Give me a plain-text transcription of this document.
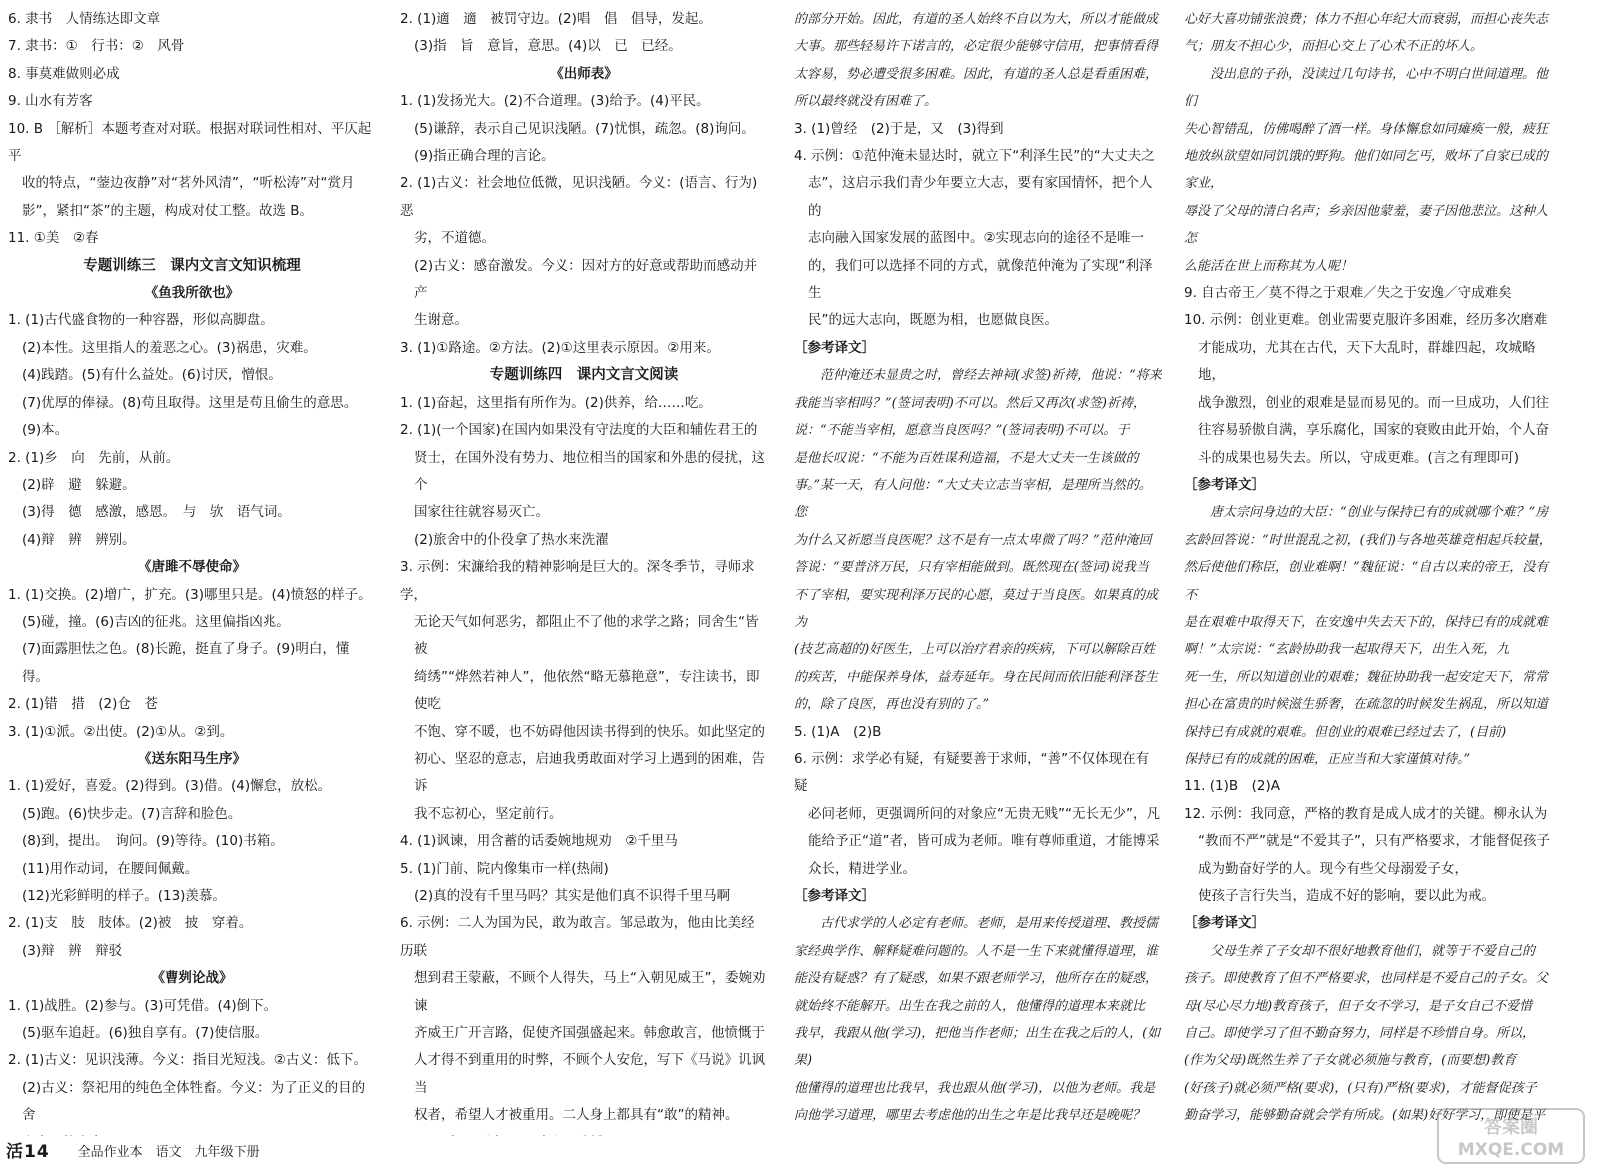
6. 隶书　人情练达即文章
7. 隶书：①　行书：②　风骨
8. 事莫难做则必成
9. 山水有芳客
10. B ［解析］本题考查对对联。根据对联词性相对、平仄起平
收的特点，“蓥边夜静”对“茗外风清”，“听松涛”对“赏月
影”，紧扣“茶”的主题，构成对仗工整。故选 B。
11. ①美　②春
专题训练三　课内文言文知识梳理
《鱼我所欲也》
1. (1)古代盛食物的一种容器，形似高脚盘。
(2)本性。这里指人的羞恶之心。(3)祸患，灾难。
(4)践踏。(5)有什么益处。(6)讨厌，憎恨。
(7)优厚的俸禄。(8)苟且取得。这里是苟且偷生的意思。
(9)本。
2. (1)乡　向　先前，从前。
(2)辟　避　躲避。
(3)得　德　感激，感恩。　与　欤　语气词。
(4)辩　辨　辨别。
《唐雎不辱使命》
1. (1)交换。(2)增广，扩充。(3)哪里只是。(4)愤怒的样子。
(5)碰，撞。(6)吉凶的征兆。这里偏指凶兆。
(7)面露胆怯之色。(8)长跪，挺直了身子。(9)明白，懂得。
2. (1)错　措　(2)仓　苍
3. (1)①派。②出使。(2)①从。②到。
《送东阳马生序》
1. (1)爱好，喜爱。(2)得到。(3)借。(4)懈怠，放松。
(5)跑。(6)快步走。(7)言辞和脸色。
(8)到，提出。　询问。(9)等待。(10)书箱。
(11)用作动词，在腰间佩戴。
(12)光彩鲜明的样子。(13)羡慕。
2. (1)支　肢　肢体。(2)被　披　穿着。
(3)辩　辨　辩驳
《曹刿论战》
1. (1)战胜。(2)参与。(3)可凭借。(4)倒下。
(5)驱车追赶。(6)独自享有。(7)使信服。
2. (1)古义：见识浅薄。今义：指目光短浅。②古义：低下。
(2)古义：祭祀用的纯色全体牲畜。今义：为了正义的目的舍
2. (1)適　適　被罚守边。(2)唱　倡　倡导，发起。
(3)指　旨　意旨，意思。(4)以　已　已经。
《出师表》
1. (1)发扬光大。(2)不合道理。(3)给予。(4)平民。
(5)谦辞，表示自己见识浅陋。(7)忧惧，疏忽。(8)询问。
(9)指正确合理的言论。
2. (1)古义：社会地位低微，见识浅陋。今义：(语言、行为)恶
劣，不道德。
(2)古义：感奋激发。今义：因对方的好意或帮助而感动并产
生谢意。
3. (1)①路途。②方法。(2)①这里表示原因。②用来。
专题训练四　课内文言文阅读
1. (1)奋起，这里指有所作为。(2)供养，给……吃。
2. (1)(一个国家)在国内如果没有守法度的大臣和辅佐君王的
贤士，在国外没有势力、地位相当的国家和外患的侵扰，这个
国家往往就容易灭亡。
(2)旅舍中的仆役拿了热水来洗濯
3. 示例：宋濂给我的精神影响是巨大的。深冬季节，寻师求学，
无论天气如何恶劣，都阻止不了他的求学之路；同舍生“皆被
绮绣”“烨然若神人”，他依然“略无慕艳意”，专注读书，即使吃
不饱、穿不暖，也不妨碍他因读书得到的快乐。如此坚定的
初心、坚忍的意志，启迪我勇敢面对学习上遇到的困难，告诉
我不忘初心，坚定前行。
4. (1)讽谏，用含蓄的话委婉地规劝　②千里马
5. (1)门前、院内像集市一样(热闹)
(2)真的没有千里马吗？其实是他们真不识得千里马啊
6. 示例：二人为国为民，敢为敢言。邹忌敢为，他由比美经历联
想到君王蒙蔽，不顾个人得失，马上“入朝见威王”，委婉劝谏
齐威王广开言路，促使齐国强盛起来。韩愈敢言，他愤慨于
人才得不到重用的时弊，不顾个人安危，写下《马说》讥讽当
权者，希望人才被重用。二人身上都具有“敢”的精神。
的部分开始。因此，有道的圣人始终不自以为大，所以才能做成
大事。那些轻易许下诺言的，必定很少能够守信用，把事情看得
太容易，势必遭受很多困难。因此，有道的圣人总是看重困难，
所以最终就没有困难了。
3. (1)曾经　(2)于是，又　(3)得到
4. 示例：①范仲淹未显达时，就立下“利泽生民”的“大丈夫之
志”，这启示我们青少年要立大志，要有家国情怀，把个人的
志向融入国家发展的蓝图中。②实现志向的途径不是唯一
的，我们可以选择不同的方式，就像范仲淹为了实现“利泽生
民”的远大志向，既愿为相，也愿做良医。
［参考译文］
　　范仲淹还未显贵之时，曾经去神祠(求签)祈祷，他说：“将来
我能当宰相吗？”(签词表明)不可以。然后又再次(求签)祈祷，
说：“不能当宰相，愿意当良医吗？”(签词表明)不可以。于
是他长叹说：“不能为百姓谋利造福，不是大丈夫一生该做的
事。”某一天，有人问他：“大丈夫立志当宰相，是理所当然的。您
为什么又祈愿当良医呢？这不是有一点太卑微了吗？”范仲淹回
答说：“要普济万民，只有宰相能做到。既然现在(签词)说我当
不了宰相，要实现利泽万民的心愿，莫过于当良医。如果真的成为
(技艺高超的)好医生，上可以治疗君亲的疾病，下可以解除百姓
的疾苦，中能保养身体，益寿延年。身在民间而依旧能利泽苍生
的，除了良医，再也没有别的了。”
5. (1)A　(2)B
6. 示例：求学必有疑，有疑要善于求师，“善”不仅体现在有疑
必问老师，更强调所问的对象应“无贵无贱”“无长无少”，凡
能给予正“道”者，皆可成为老师。唯有尊师重道，才能博采
众长，精进学业。
［参考译文］
　　古代求学的人必定有老师。老师，是用来传授道理、教授儒
家经典学作、解释疑难问题的。人不是一生下来就懂得道理，谁
能没有疑惑？有了疑惑，如果不跟老师学习，他所存在的疑惑，
就始终不能解开。出生在我之前的人，他懂得的道理本来就比
我早，我跟从他(学习)，把他当作老师；出生在我之后的人，(如果)
他懂得的道理也比我早，我也跟从他(学习)，以他为老师。我是
向他学习道理，哪里去考虑他的出生之年是比我早还是晚呢？
心好大喜功铺张浪费；体力不担心年纪大而衰弱，而担心丧失志
气；朋友不担心少，而担心交上了心术不正的坏人。
　　没出息的子孙，没读过几句诗书，心中不明白世间道理。他们
失心智错乱，仿佛喝醉了酒一样。身体懈怠如同瘫痪一般，疲狂
地放纵欲望如同饥饿的野狗。他们如同乞丐，败坏了自家已成的家业，
辱没了父母的清白名声；乡亲因他蒙羞，妻子因他悲泣。这种人怎
么能活在世上而称其为人呢！
9. 自古帝王／莫不得之于艰难／失之于安逸／守成难矣
10. 示例：创业更难。创业需要克服许多困难，经历多次磨难
才能成功，尤其在古代，天下大乱时，群雄四起，攻城略地，
战争激烈，创业的艰难是显而易见的。而一旦成功，人们往
往容易骄傲自满，享乐腐化，国家的衰败由此开始，个人奋
斗的成果也易失去。所以，守成更难。(言之有理即可)
［参考译文］
　　唐太宗问身边的大臣：“创业与保持已有的成就哪个难？”房
玄龄回答说：“时世混乱之初，(我们)与各地英雄竞相起兵较量，
然后使他们称臣，创业难啊！”魏征说：“自古以来的帝王，没有不
是在艰难中取得天下，在安逸中失去天下的，保持已有的成就难
啊！”太宗说：“玄龄协助我一起取得天下，出生入死，九
死一生，所以知道创业的艰难；魏征协助我一起安定天下，常常
担心在富贵的时候滋生骄奢，在疏忽的时候发生祸乱，所以知道
保持已有成就的艰难。但创业的艰难已经过去了，(目前)
保持已有的成就的困难，正应当和大家谨慎对待。”
11. (1)B　(2)A
12. 示例：我同意，严格的教育是成人成才的关键。柳永认为
“教而不严”就是“不爱其子”，只有严格要求，才能督促孩子
成为勤奋好学的人。现今有些父母溺爱子女，
使孩子言行失当，造成不好的影响，要以此为戒。
［参考译文］
　　父母生养了子女却不很好地教育他们，就等于不爱自己的
孩子。即使教育了但不严格要求，也同样是不爱自己的子女。父
母(尽心尽力地)教育孩子，但子女不学习，是子女自己不爱惜
自己。即使学习了但不勤奋努力，同样是不珍惜自身。所以，
(作为父母)既然生养了子女就必须施与教育，(而要想)教育
(好孩子)就必须严格(要求)，(只有)严格(要求)，才能督促孩子
勤奋学习，能够勤奋就会学有所成。(如果)好好学习，即使是平
活14	全品作业本　语文　九年级下册
答案圈
MXQE.COM
